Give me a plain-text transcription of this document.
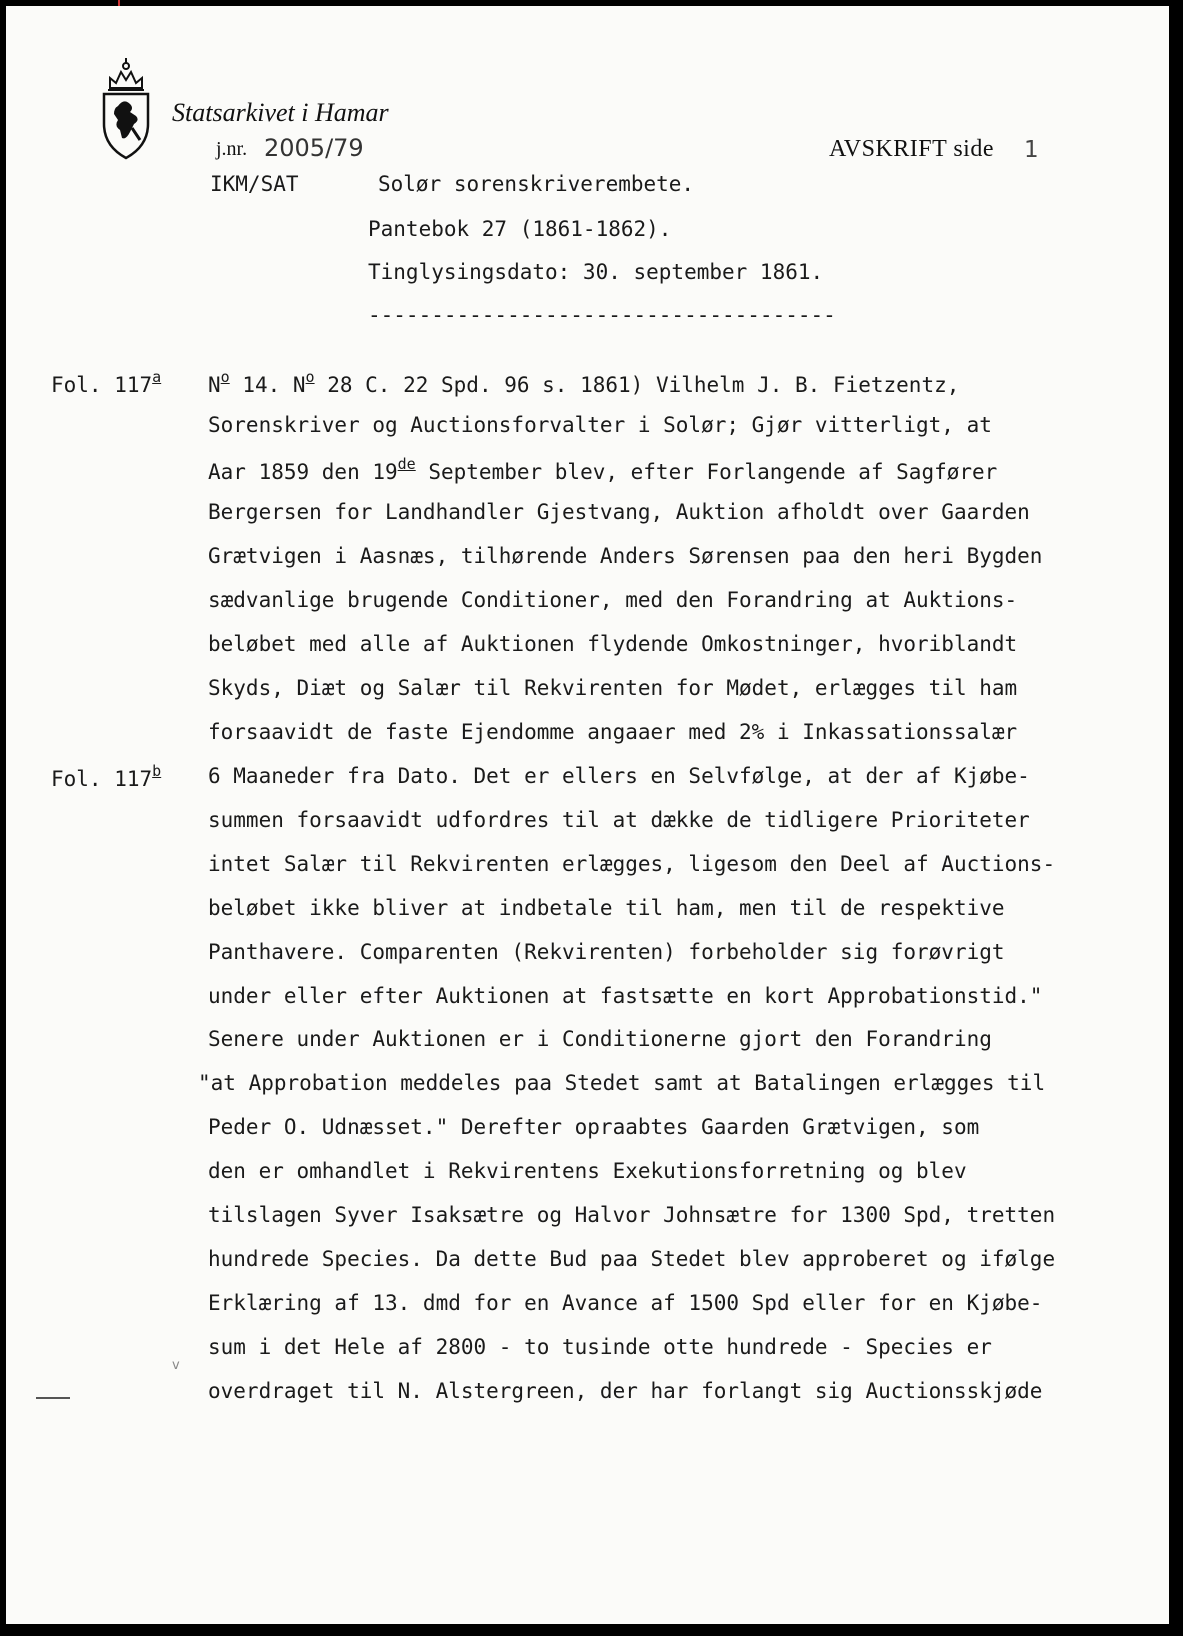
Statsarkivet i Hamar
j.nr. 2005/79	AVSKRIFT side 1
IKM/SAT	Solør sorenskriverembete.
Pantebok 27 (1861-1862).
Tinglysingsdato: 30. september 1861.
-------------------------------------
Fol. 117$^a$
Fol. 117$^b$
$N^o$ 14. $N^o$ 28 C. 22 Spd. 96 s. 1861) Vilhelm J. B. Fietzentz,
Sorenskriver og Auctionsforvalter i Solør; Gjør vitterligt, at
Aar 1859 den 19de September blev, efter Forlangende af Sagfører
Bergersen for Landhandler Gjestvang, Auktion afholdt over Gaarden
Grætvigen i Aasnæs, tilhørende Anders Sørensen paa den heri Bygden
sædvanlige brugende Conditioner, med den Forandring at Auktions-
beløbet med alle af Auktionen flydende Omkostninger, hvoriblandt
Skyds, Diæt og Salær til Rekvirenten for Mødet, erlægges til ham
forsaavidt de faste Ejendomme angaaer med 2% i Inkassationssalær
6 Maaneder fra Dato. Det er ellers en Selvfølge, at der af Kjøbe-
summen forsaavidt udfordres til at dække de tidligere Prioriteter
intet Salær til Rekvirenten erlægges, ligesom den Deel af Auctions-
beløbet ikke bliver at indbetale til ham, men til de respektive
Panthavere. Comparenten (Rekvirenten) forbeholder sig forøvrigt
under eller efter Auktionen at fastsætte en kort Approbationstid."
Senere under Auktionen er i Conditionerne gjort den Forandring
"at Approbation meddeles paa Stedet samt at Batalingen erlægges til
Peder O. Udnæsset." Derefter opraabtes Gaarden Grætvigen, som
den er omhandlet i Rekvirentens Exekutionsforretning og blev
tilslagen Syver Isaksætre og Halvor Johnsætre for 1300 Spd, tretten
hundrede Species. Da dette Bud paa Stedet blev approberet og ifølge
Erklæring af 13. dmd for en Avance af 1500 Spd eller for en Kjøbe-
sum i det Hele af 2800 - to tusinde otte hundrede - Species er
overdraget til N. Alstergreen, der har forlangt sig Auctionsskjøde
v
